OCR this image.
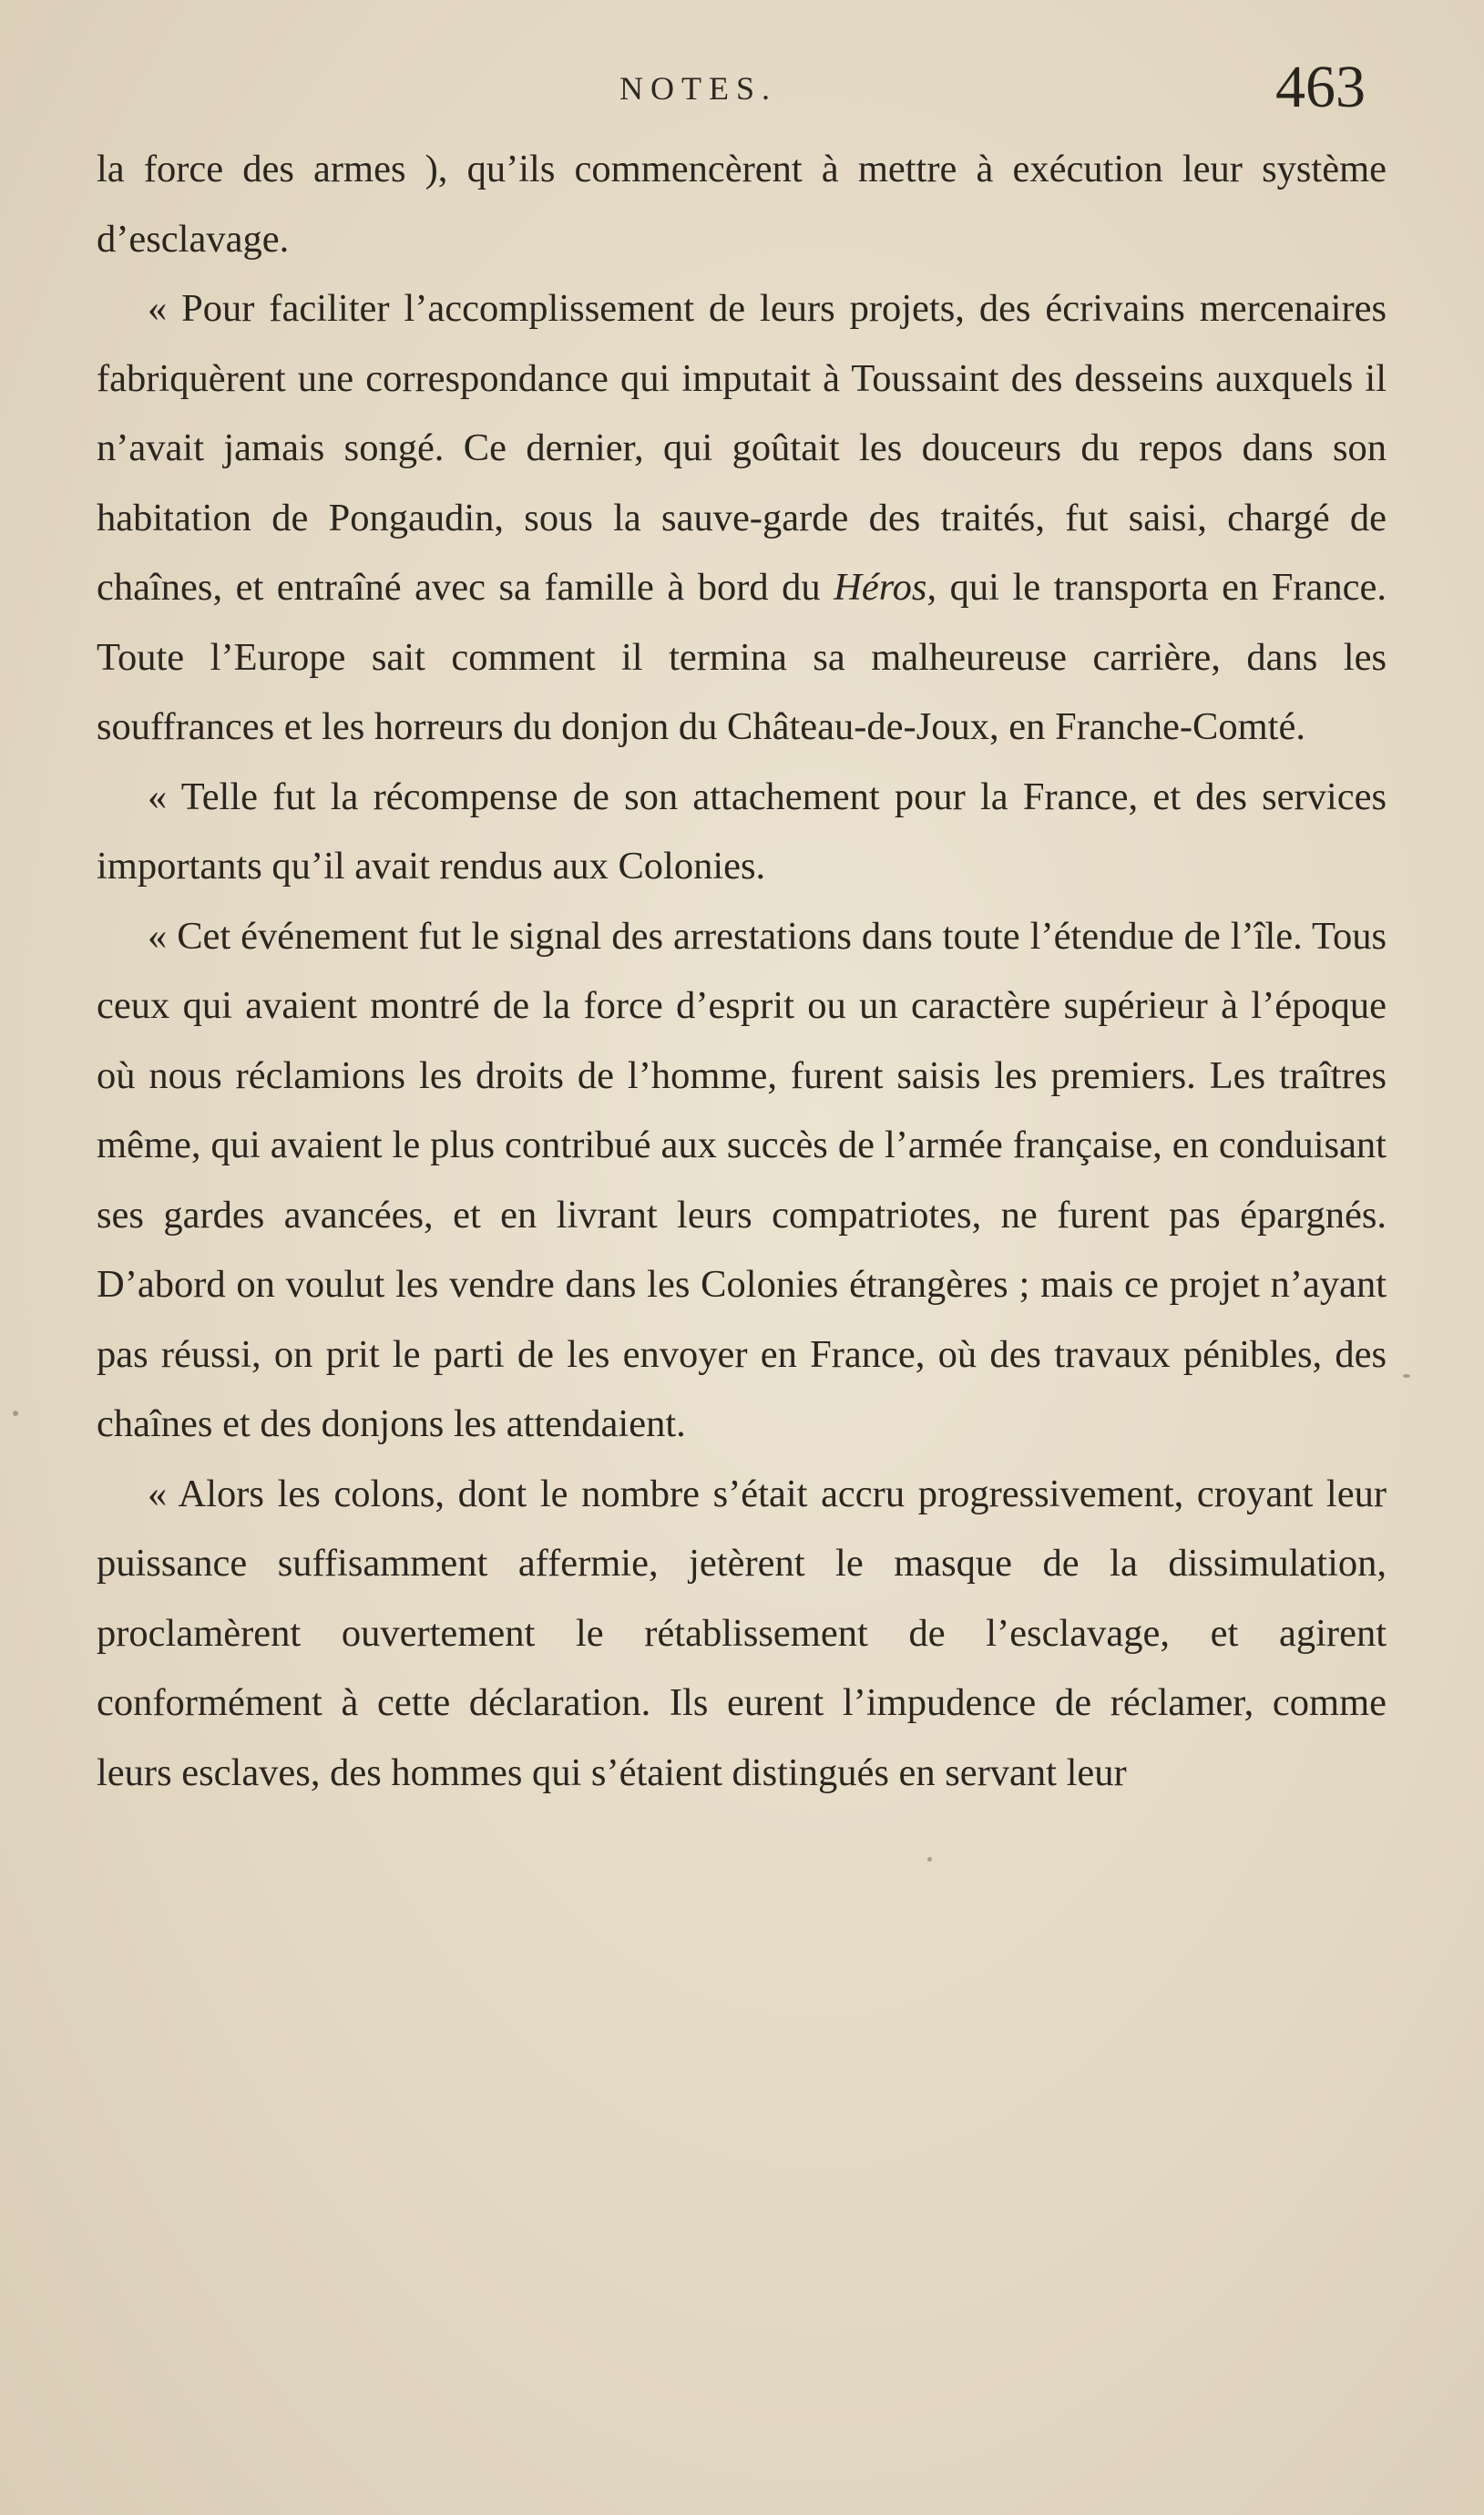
NOTES.	463

la force des armes ), qu’ils commencèrent à mettre à exécution leur système d’esclavage.

« Pour faciliter l’accomplissement de leurs projets, des écrivains mercenaires fabriquèrent une correspondance qui imputait à Toussaint des desseins auxquels il n’avait jamais songé. Ce dernier, qui goûtait les douceurs du repos dans son habitation de Pongaudin, sous la sauve-garde des traités, fut saisi, chargé de chaînes, et entraîné avec sa famille à bord du Héros, qui le transporta en France. Toute l’Europe sait comment il termina sa malheureuse carrière, dans les souffrances et les horreurs du donjon du Château-de-Joux, en Franche-Comté.

« Telle fut la récompense de son attachement pour la France, et des services importants qu’il avait rendus aux Colonies.

« Cet événement fut le signal des arrestations dans toute l’étendue de l’île. Tous ceux qui avaient montré de la force d’esprit ou un caractère supérieur à l’époque où nous réclamions les droits de l’homme, furent saisis les premiers. Les traîtres même, qui avaient le plus contribué aux succès de l’armée française, en conduisant ses gardes avancées, et en livrant leurs compatriotes, ne furent pas épargnés. D’abord on voulut les vendre dans les Colonies étrangères ; mais ce projet n’ayant pas réussi, on prit le parti de les envoyer en France, où des travaux pénibles, des chaînes et des donjons les attendaient.

« Alors les colons, dont le nombre s’était accru progressivement, croyant leur puissance suffisamment affermie, jetèrent le masque de la dissimulation, proclamèrent ouvertement le rétablissement de l’esclavage, et agirent conformément à cette déclaration. Ils eurent l’impudence de réclamer, comme leurs esclaves, des hommes qui s’étaient distingués en servant leur
